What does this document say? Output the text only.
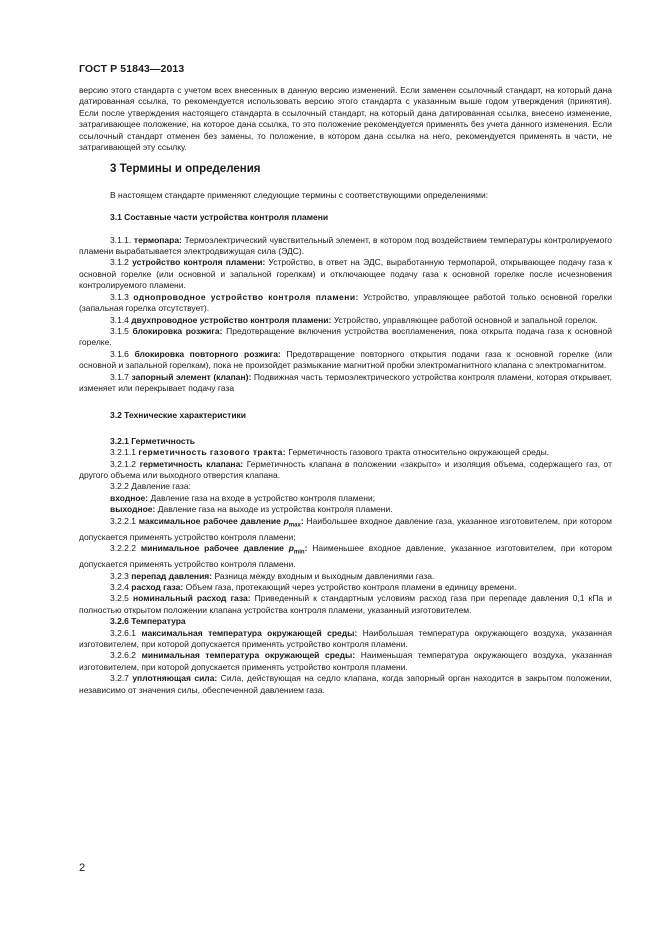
ГОСТ Р 51843—2013

версию этого стандарта с учетом всех внесенных в данную версию изменений. Если заменен ссылочный стандарт, на который дана датированная ссылка, то рекомендуется использовать версию этого стандарта с указанным выше годом утверждения (принятия). Если после утверждения настоящего стандарта в ссылочный стандарт, на который дана датированная ссылка, внесено изменение, затрагивающее положение, на которое дана ссылка, то это положение рекомендуется применять без учета данного изменения. Если ссылочный стандарт отменен без замены, то положение, в котором дана ссылка на него, рекомендуется применять в части, не затрагивающей эту ссылку.

3 Термины и определения

В настоящем стандарте применяют следующие термины с соответствующими определениями:

3.1 Составные части устройства контроля пламени

3.1.1. термопара: Термоэлектрический чувствительный элемент, в котором под воздействием температуры контролируемого пламени вырабатывается электродвижущая сила (ЭДС).

3.1.2 устройство контроля пламени: Устройство, в ответ на ЭДС, выработанную термопарой, открывающее подачу газа к основной горелке (или основной и запальной горелкам) и отключающее подачу газа к основной горелке после исчезновения контролируемого пламени.

3.1.3 однопроводное устройство контроля пламени: Устройство, управляющее работой только основной горелки (запальная горелка отсутствует).

3.1.4 двухпроводное устройство контроля пламени: Устройство, управляющее работой основной и запальной горелок.

3.1.5 блокировка розжига: Предотвращение включения устройства воспламенения, пока открыта подача газа к основной горелке.

3.1.6 блокировка повторного розжига: Предотвращение повторного открытия подачи газа к основной горелке (или основной и запальной горелкам), пока не произойдет размыкание магнитной пробки электромагнитного клапана с электромагнитом.

3.1.7 запорный элемент (клапан): Подвижная часть термоэлектрического устройства контроля пламени, которая открывает, изменяет или перекрывает подачу газа

3.2 Технические характеристики

3.2.1 Герметичность

3.2.1.1 герметичность газового тракта: Герметичность газового тракта относительно окружающей среды.

3.2.1.2 герметичность клапана: Герметичность клапана в положении «закрыто» и изоляция объема, содержащего газ, от другого объема или выходного отверстия клапана.

3.2.2 Давление газа:

входное: Давление газа на входе в устройство контроля пламени;

выходное: Давление газа на выходе из устройства контроля пламени.

3.2.2.1 максимальное рабочее давление $p_{max}$: Наибольшее входное давление газа, указанное изготовителем, при котором допускается применять устройство контроля пламени;

3.2.2.2 минимальное рабочее давление $p_{min}$: Наименьшее входное давление, указанное изготовителем, при котором допускается применять устройство контроля пламени.

3.2.3 перепад давления: Разница между входным и выходным давлениями газа.

3.2.4 расход газа: Объем газа, протекающий через устройство контроля пламени в единицу времени.

3.2.5 номинальный расход газа: Приведенный к стандартным условиям расход газа при перепаде давления 0,1 кПа и полностью открытом положении клапана устройства контроля пламени, указанный изготовителем.

3.2.6 Температура

3.2.6.1 максимальная температура окружающей среды: Наибольшая температура окружающего воздуха, указанная изготовителем, при которой допускается применять устройство контроля пламени.

3.2.6.2 минимальная температура окружающей среды: Наименьшая температура окружающего воздуха, указанная изготовителем, при которой допускается применять устройство контроля пламени.

3.2.7 уплотняющая сила: Сила, действующая на седло клапана, когда запорный орган находится в закрытом положении, независимо от значения силы, обеспеченной давлением газа.

2
